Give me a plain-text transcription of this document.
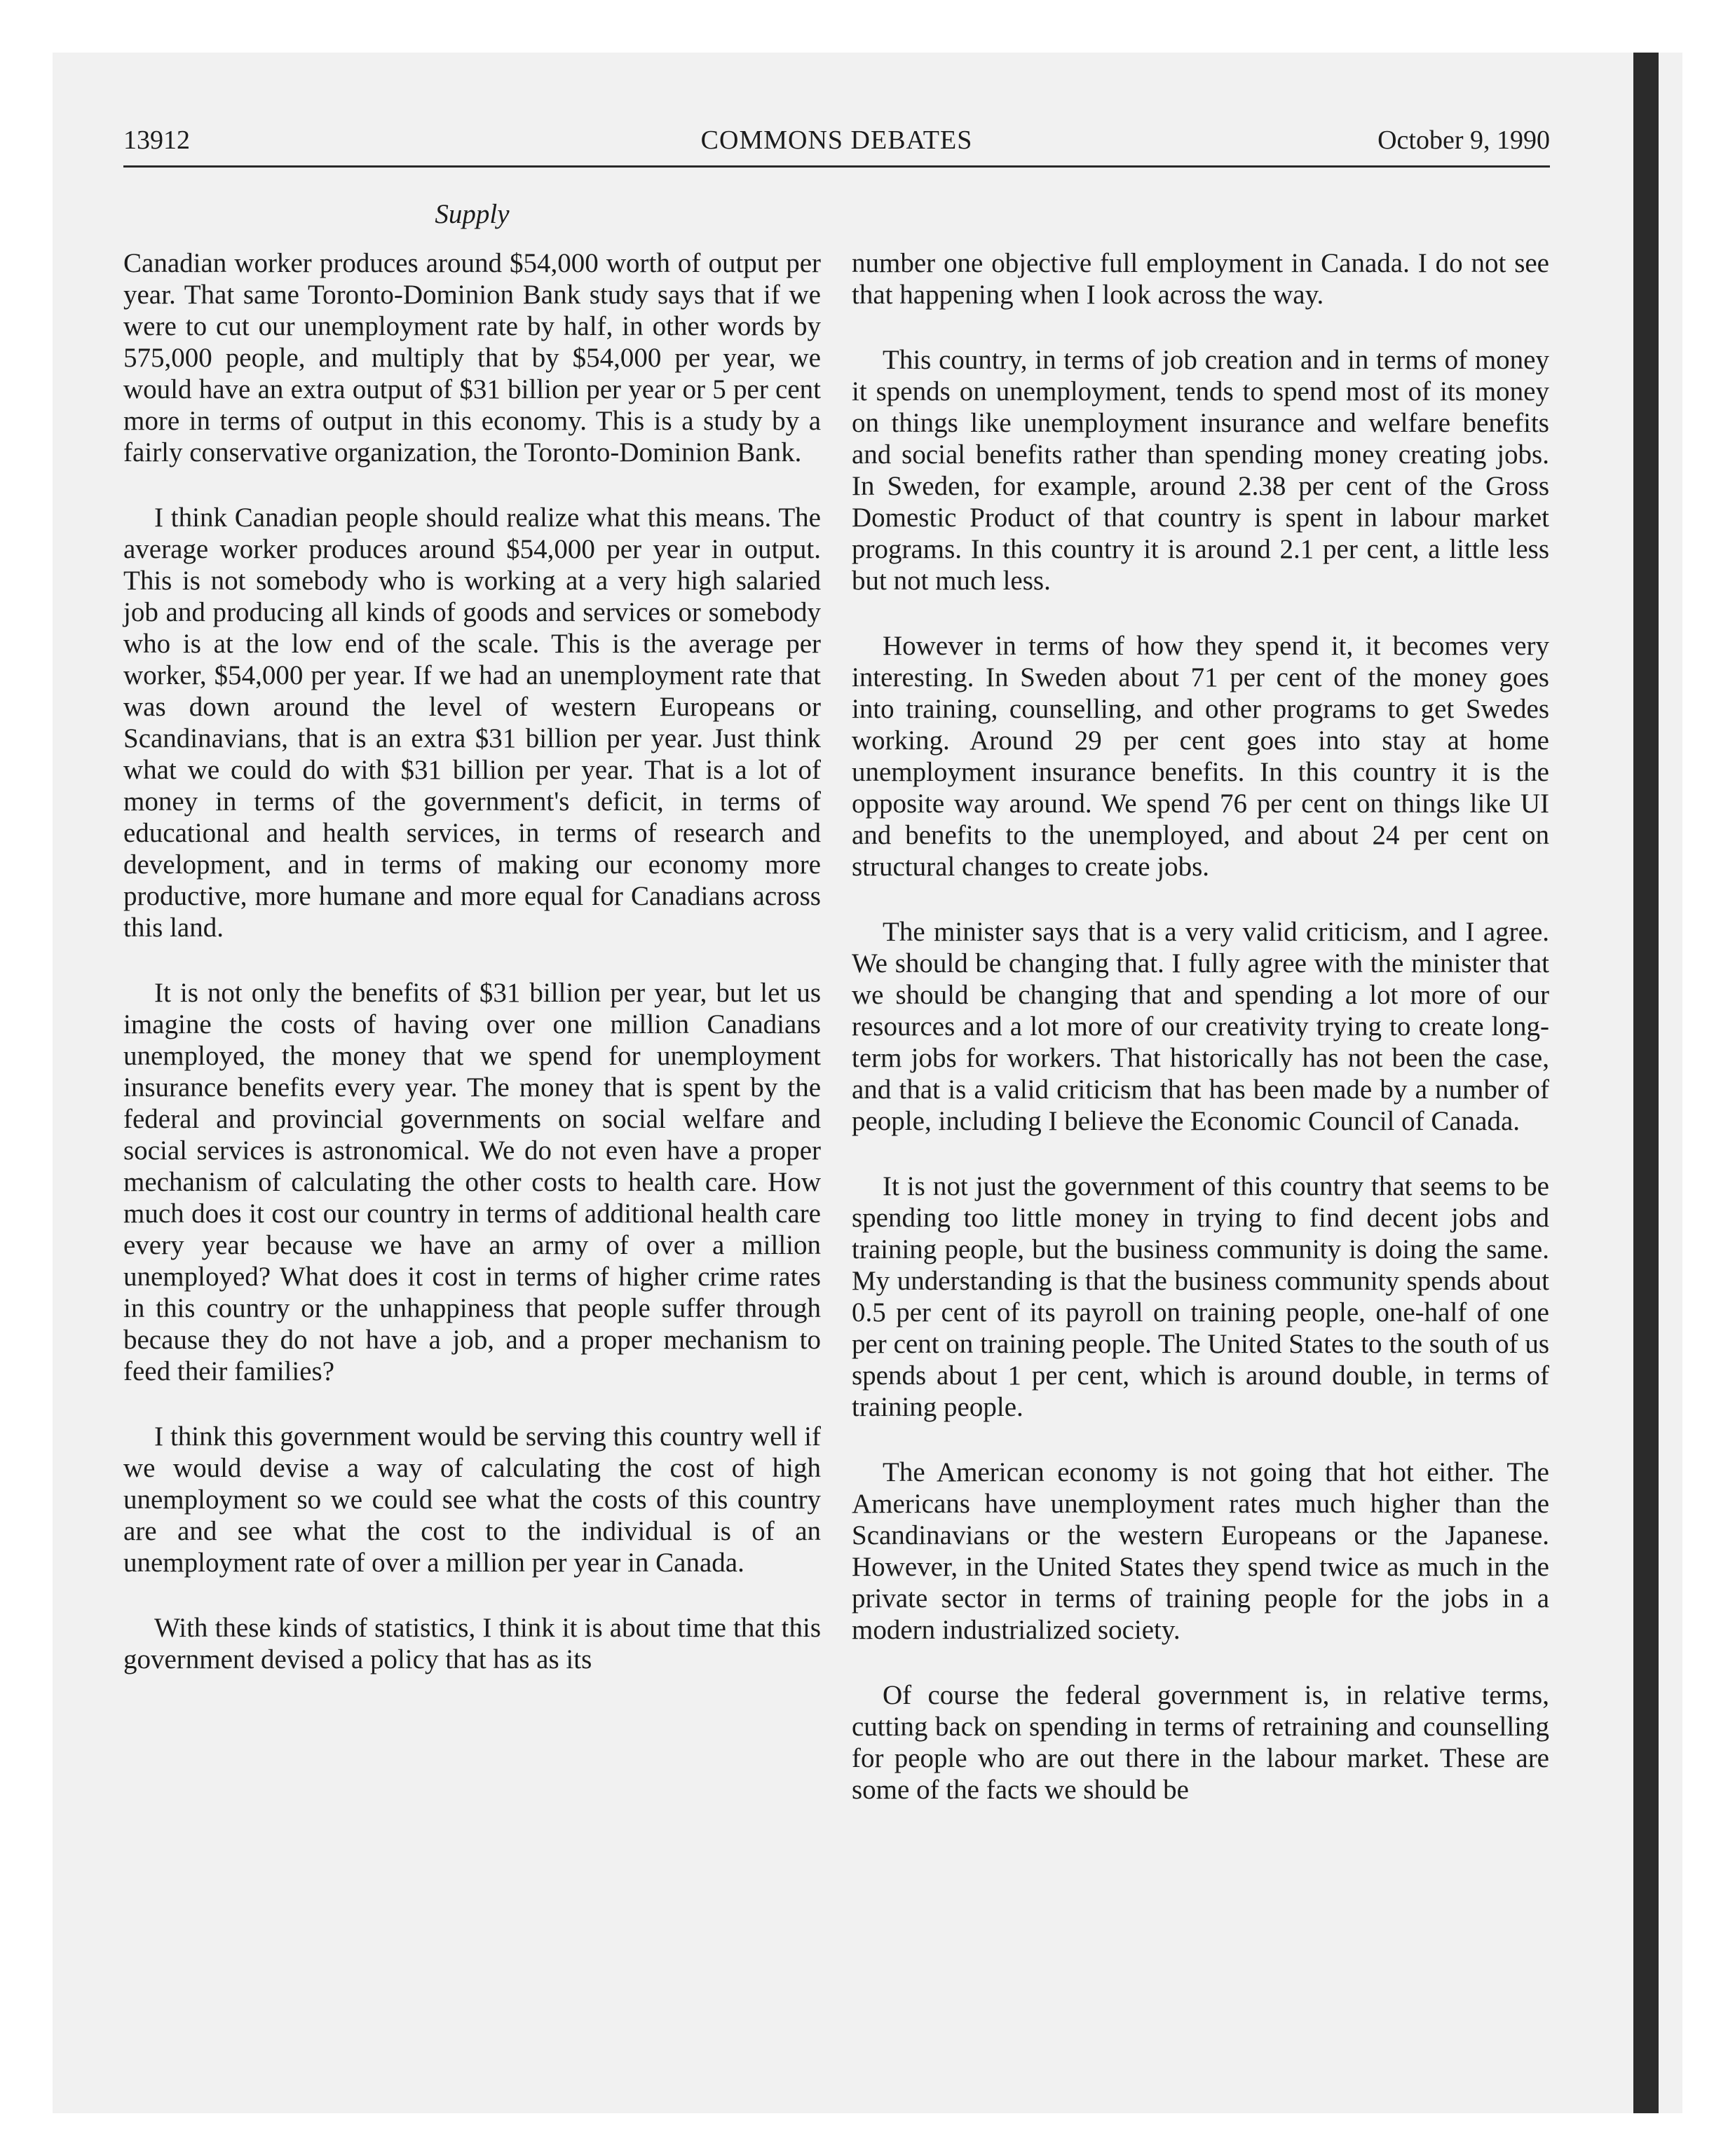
COMMONS DEBATES
13912	October 9, 1990
Supply

Canadian worker produces around $54,000 worth of output per year. That same Toronto-Dominion Bank study says that if we were to cut our unemployment rate by half, in other words by 575,000 people, and multiply that by $54,000 per year, we would have an extra output of $31 billion per year or 5 per cent more in terms of output in this economy. This is a study by a fairly conservative organization, the Toronto-Dominion Bank.

I think Canadian people should realize what this means. The average worker produces around $54,000 per year in output. This is not somebody who is working at a very high salaried job and producing all kinds of goods and services or somebody who is at the low end of the scale. This is the average per worker, $54,000 per year. If we had an unemployment rate that was down around the level of western Europeans or Scandinavians, that is an extra $31 billion per year. Just think what we could do with $31 billion per year. That is a lot of money in terms of the government's deficit, in terms of educational and health services, in terms of research and development, and in terms of making our economy more productive, more humane and more equal for Canadians across this land.

It is not only the benefits of $31 billion per year, but let us imagine the costs of having over one million Canadians unemployed, the money that we spend for unemployment insurance benefits every year. The money that is spent by the federal and provincial governments on social welfare and social services is astronomical. We do not even have a proper mechanism of calculating the other costs to health care. How much does it cost our country in terms of additional health care every year because we have an army of over a million unemployed? What does it cost in terms of higher crime rates in this country or the unhappiness that people suffer through because they do not have a job, and a proper mechanism to feed their families?

I think this government would be serving this country well if we would devise a way of calculating the cost of high unemployment so we could see what the costs of this country are and see what the cost to the individual is of an unemployment rate of over a million per year in Canada.

With these kinds of statistics, I think it is about time that this government devised a policy that has as its

number one objective full employment in Canada. I do not see that happening when I look across the way.

This country, in terms of job creation and in terms of money it spends on unemployment, tends to spend most of its money on things like unemployment insurance and welfare benefits and social benefits rather than spending money creating jobs. In Sweden, for example, around 2.38 per cent of the Gross Domestic Product of that country is spent in labour market programs. In this country it is around 2.1 per cent, a little less but not much less.

However in terms of how they spend it, it becomes very interesting. In Sweden about 71 per cent of the money goes into training, counselling, and other programs to get Swedes working. Around 29 per cent goes into stay at home unemployment insurance benefits. In this country it is the opposite way around. We spend 76 per cent on things like UI and benefits to the unemployed, and about 24 per cent on structural changes to create jobs.

The minister says that is a very valid criticism, and I agree. We should be changing that. I fully agree with the minister that we should be changing that and spending a lot more of our resources and a lot more of our creativity trying to create long-term jobs for workers. That historically has not been the case, and that is a valid criticism that has been made by a number of people, including I believe the Economic Council of Canada.

It is not just the government of this country that seems to be spending too little money in trying to find decent jobs and training people, but the business community is doing the same. My understanding is that the business community spends about 0.5 per cent of its payroll on training people, one-half of one per cent on training people. The United States to the south of us spends about 1 per cent, which is around double, in terms of training people.

The American economy is not going that hot either. The Americans have unemployment rates much higher than the Scandinavians or the western Europeans or the Japanese. However, in the United States they spend twice as much in the private sector in terms of training people for the jobs in a modern industrialized society.

Of course the federal government is, in relative terms, cutting back on spending in terms of retraining and counselling for people who are out there in the labour market. These are some of the facts we should be
